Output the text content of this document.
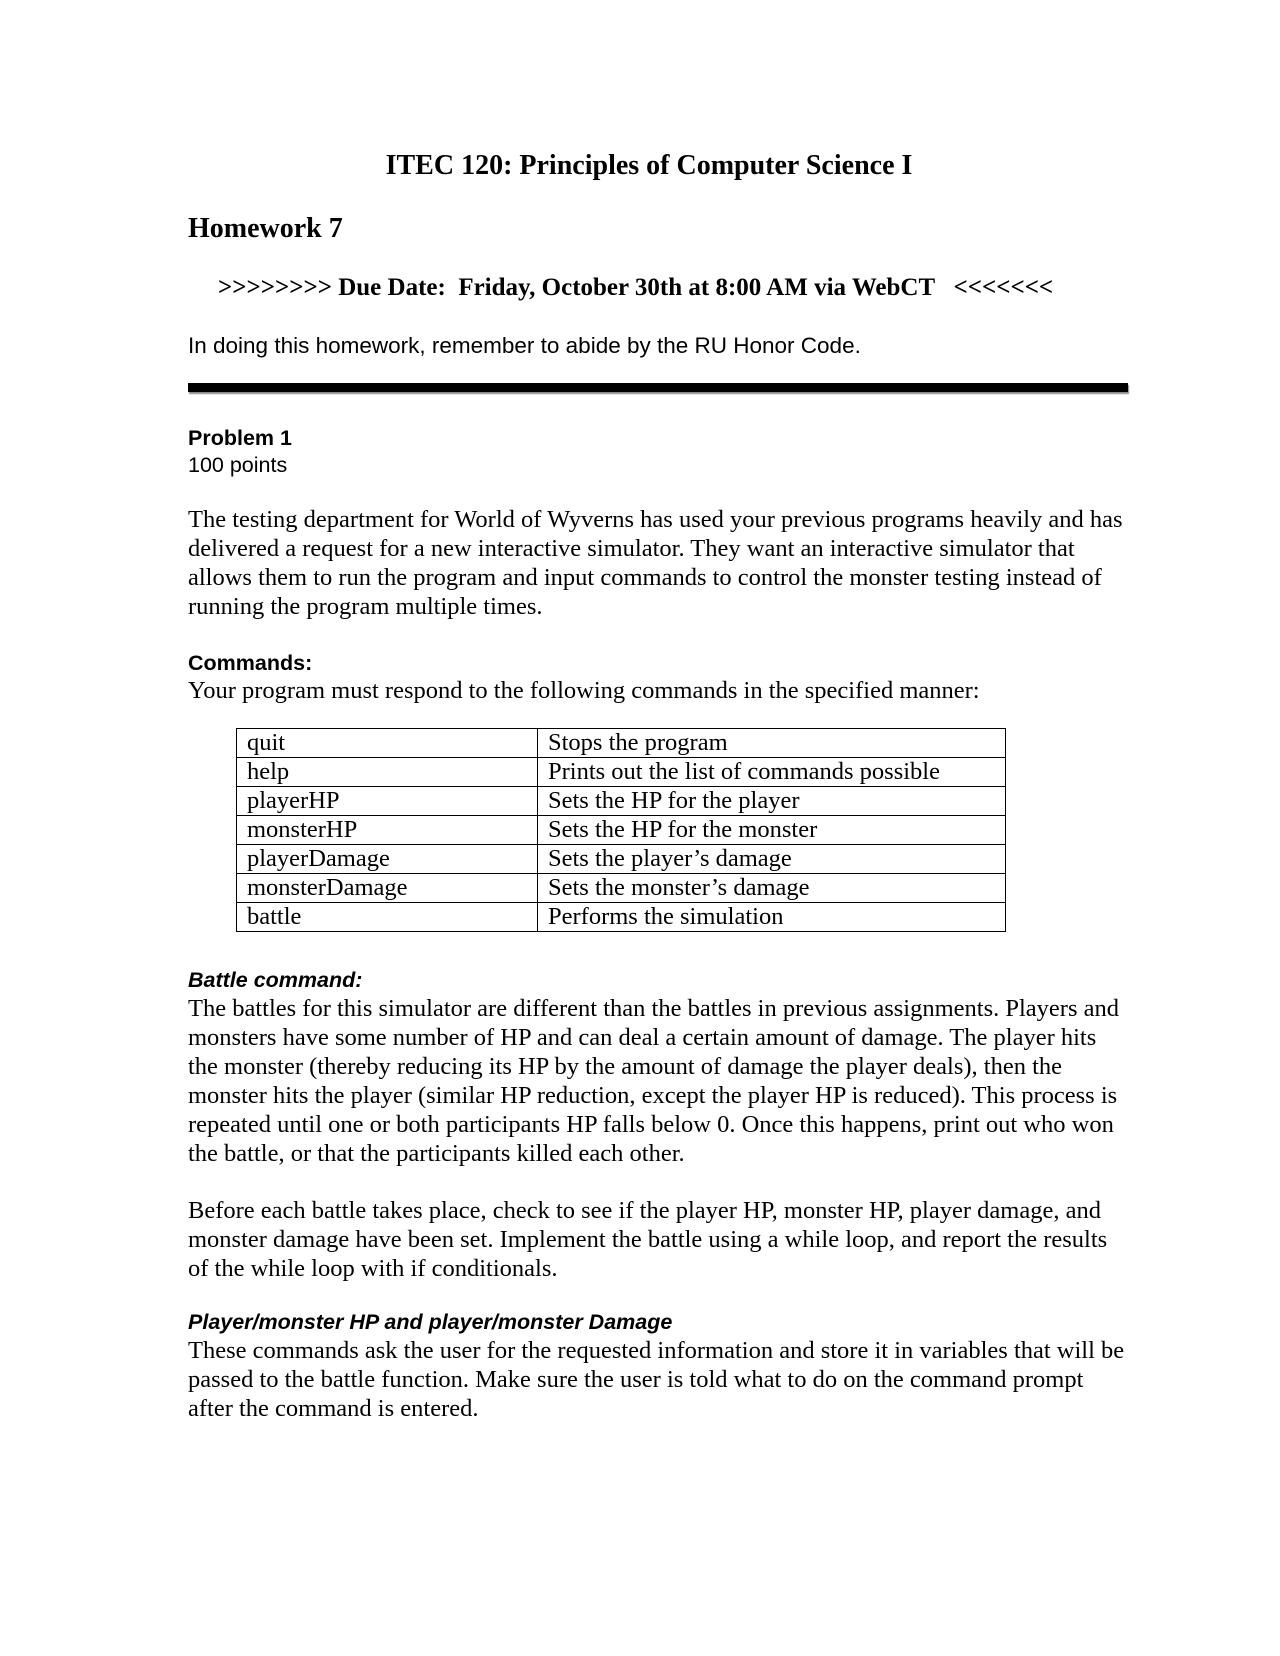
ITEC 120: Principles of Computer Science I
Homework 7

>>>>>>>> Due Date:  Friday, October 30th at 8:00 AM via WebCT   <<<<<<<

In doing this homework, remember to abide by the RU Honor Code.

Problem 1
100 points

The testing department for World of Wyverns has used your previous programs heavily and has delivered a request for a new interactive simulator. They want an interactive simulator that allows them to run the program and input commands to control the monster testing instead of running the program multiple times.

Commands:

Your program must respond to the following commands in the specified manner:

quit	Stops the program
help	Prints out the list of commands possible
playerHP	Sets the HP for the player
monsterHP	Sets the HP for the monster
playerDamage	Sets the player’s damage
monsterDamage	Sets the monster’s damage
battle	Performs the simulation
Battle command:

The battles for this simulator are different than the battles in previous assignments. Players and monsters have some number of HP and can deal a certain amount of damage. The player hits the monster (thereby reducing its HP by the amount of damage the player deals), then the monster hits the player (similar HP reduction, except the player HP is reduced). This process is repeated until one or both participants HP falls below 0. Once this happens, print out who won the battle, or that the participants killed each other.

Before each battle takes place, check to see if the player HP, monster HP, player damage, and monster damage have been set. Implement the battle using a while loop, and report the results of the while loop with if conditionals.

Player/monster HP and player/monster Damage

These commands ask the user for the requested information and store it in variables that will be passed to the battle function. Make sure the user is told what to do on the command prompt after the command is entered.
